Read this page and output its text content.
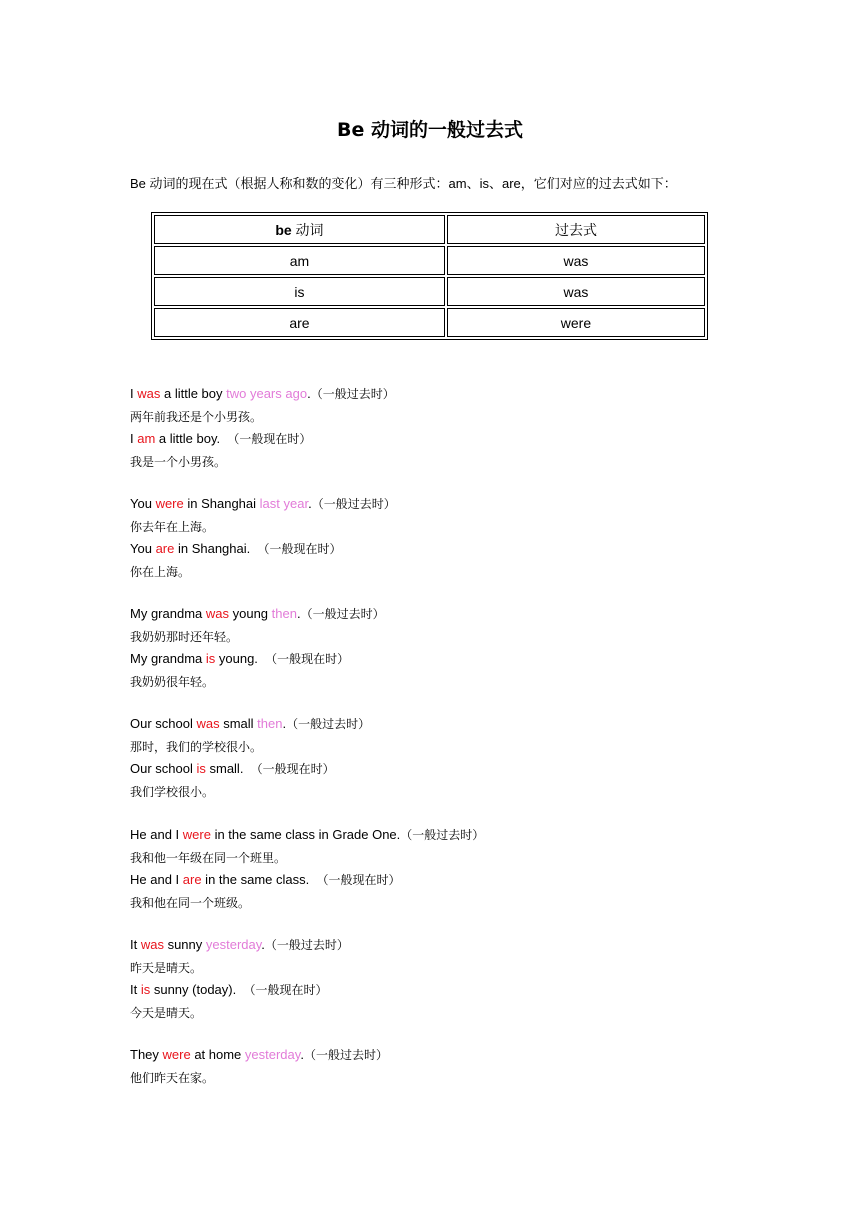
Be 动词的一般过去式
Be 动词的现在式（根据人称和数的变化）有三种形式：am、is、are，它们对应的过去式如下：
be 动词	过去式
am	was
is	was
are	were
I was a little boy two years ago.（一般过去时）
两年前我还是个小男孩。
I am a little boy.  （一般现在时）
我是一个小男孩。
You were in Shanghai last year.（一般过去时）
你去年在上海。
You are in Shanghai.  （一般现在时）
你在上海。
My grandma was young then.（一般过去时）
我奶奶那时还年轻。
My grandma is young.  （一般现在时）
我奶奶很年轻。
Our school was small then.（一般过去时）
那时，我们的学校很小。
Our school is small.  （一般现在时）
我们学校很小。
He and I were in the same class in Grade One.（一般过去时）
我和他一年级在同一个班里。
He and I are in the same class.  （一般现在时）
我和他在同一个班级。
It was sunny yesterday.（一般过去时）
昨天是晴天。
It is sunny (today).  （一般现在时）
今天是晴天。
They were at home yesterday.（一般过去时）
他们昨天在家。
